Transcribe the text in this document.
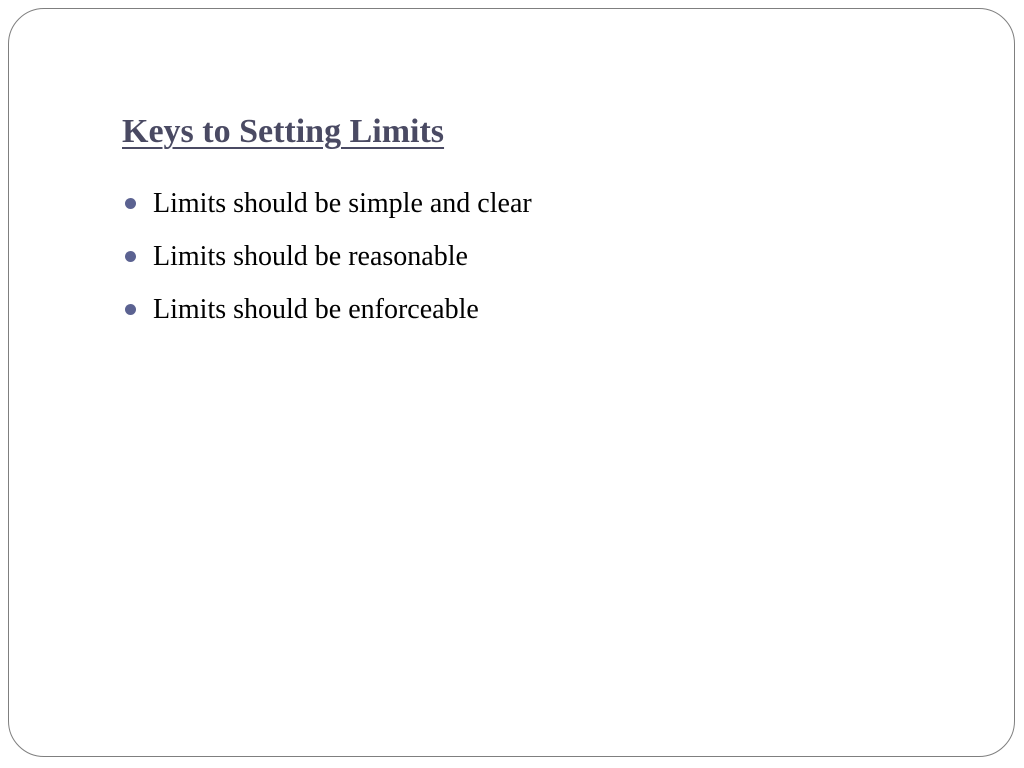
Keys to Setting Limits
Limits should be simple and clear
Limits should be reasonable
Limits should be enforceable
